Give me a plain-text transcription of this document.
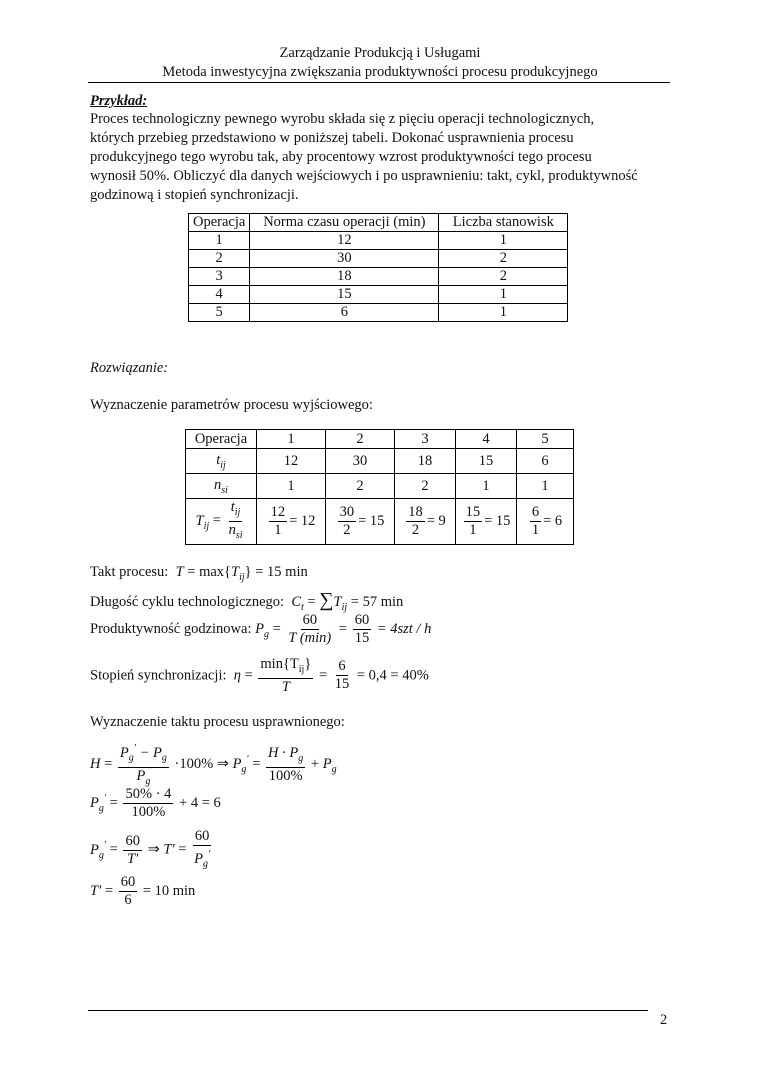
Zarządzanie Produkcją i Usługami
Metoda inwestycyjna zwiększania produktywności procesu produkcyjnego
Przykład:
Proces technologiczny pewnego wyrobu składa się z pięciu operacji technologicznych,
których przebieg przedstawiono w poniższej tabeli. Dokonać usprawnienia procesu
produkcyjnego tego wyrobu tak, aby procentowy wzrost produktywności tego procesu
wynosił 50%. Obliczyć dla danych wejściowych i po usprawnieniu: takt, cykl, produktywność
godzinową i stopień synchronizacji.
Operacja	Norma czasu operacji (min)	Liczba stanowisk
1	12	1
2	30	2
3	18	2
4	15	1
5	6	1
Rozwiązanie:
Wyznaczenie parametrów procesu wyjściowego:
Operacja	1	2	3	4	5
$t_{ij}$	12	30	18	15	6
$n_{si}$	1	2	2	1	1
$T_{ij} = \frac{t_{ij}}{n_{si}}$	$\frac{12}{1} = 12$	$\frac{30}{2} = 15$	$\frac{18}{2} = 9$	$\frac{15}{1} = 15$	$\frac{6}{1} = 6$
Takt procesu:  $T = \max\{T_{ij}\} = 15$ min
Długość cyklu technologicznego:  $C_t = \sum T_{ij} = 57$ min
Produktywność godzinowa: $P_g = \frac{60}{T (\min)} = \frac{60}{15} = 4szt / h$
Stopień synchronizacji:  $\eta = \frac{\min\{T_{ij}\}}{T} = \frac{6}{15} = 0,4 = 40\%$
Wyznaczenie taktu procesu usprawnionego:
$H = \frac{P_g' - P_g}{P_g} \cdot 100\%$ ⇒ $P_g' = \frac{H \cdot P_g}{100\%} + P_g$
$P_g' = \frac{50\% \cdot 4}{100\%} + 4 = 6$
$P_g' = \frac{60}{T'}$ ⇒ $T' = \frac{60}{P_g'}$
$T' = \frac{60}{6} = 10$ min
2
